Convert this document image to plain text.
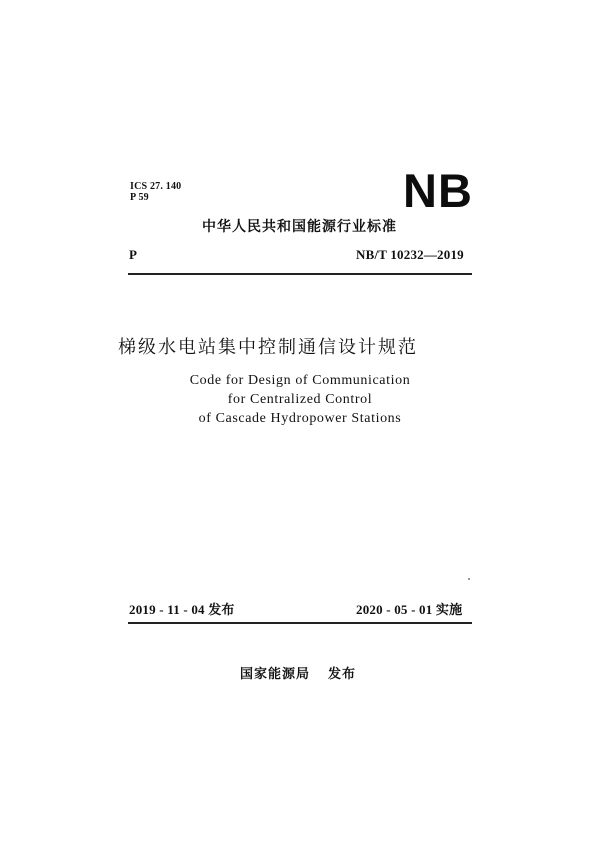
ICS 27. 140
P 59	NB
中华人民共和国能源行业标准
P	NB/T 10232—2019
梯级水电站集中控制通信设计规范
Code for Design of Communication
for Centralized Control
of Cascade Hydropower Stations
2019 - 11 - 04 发布	2020 - 05 - 01 实施
国家能源局 发布
